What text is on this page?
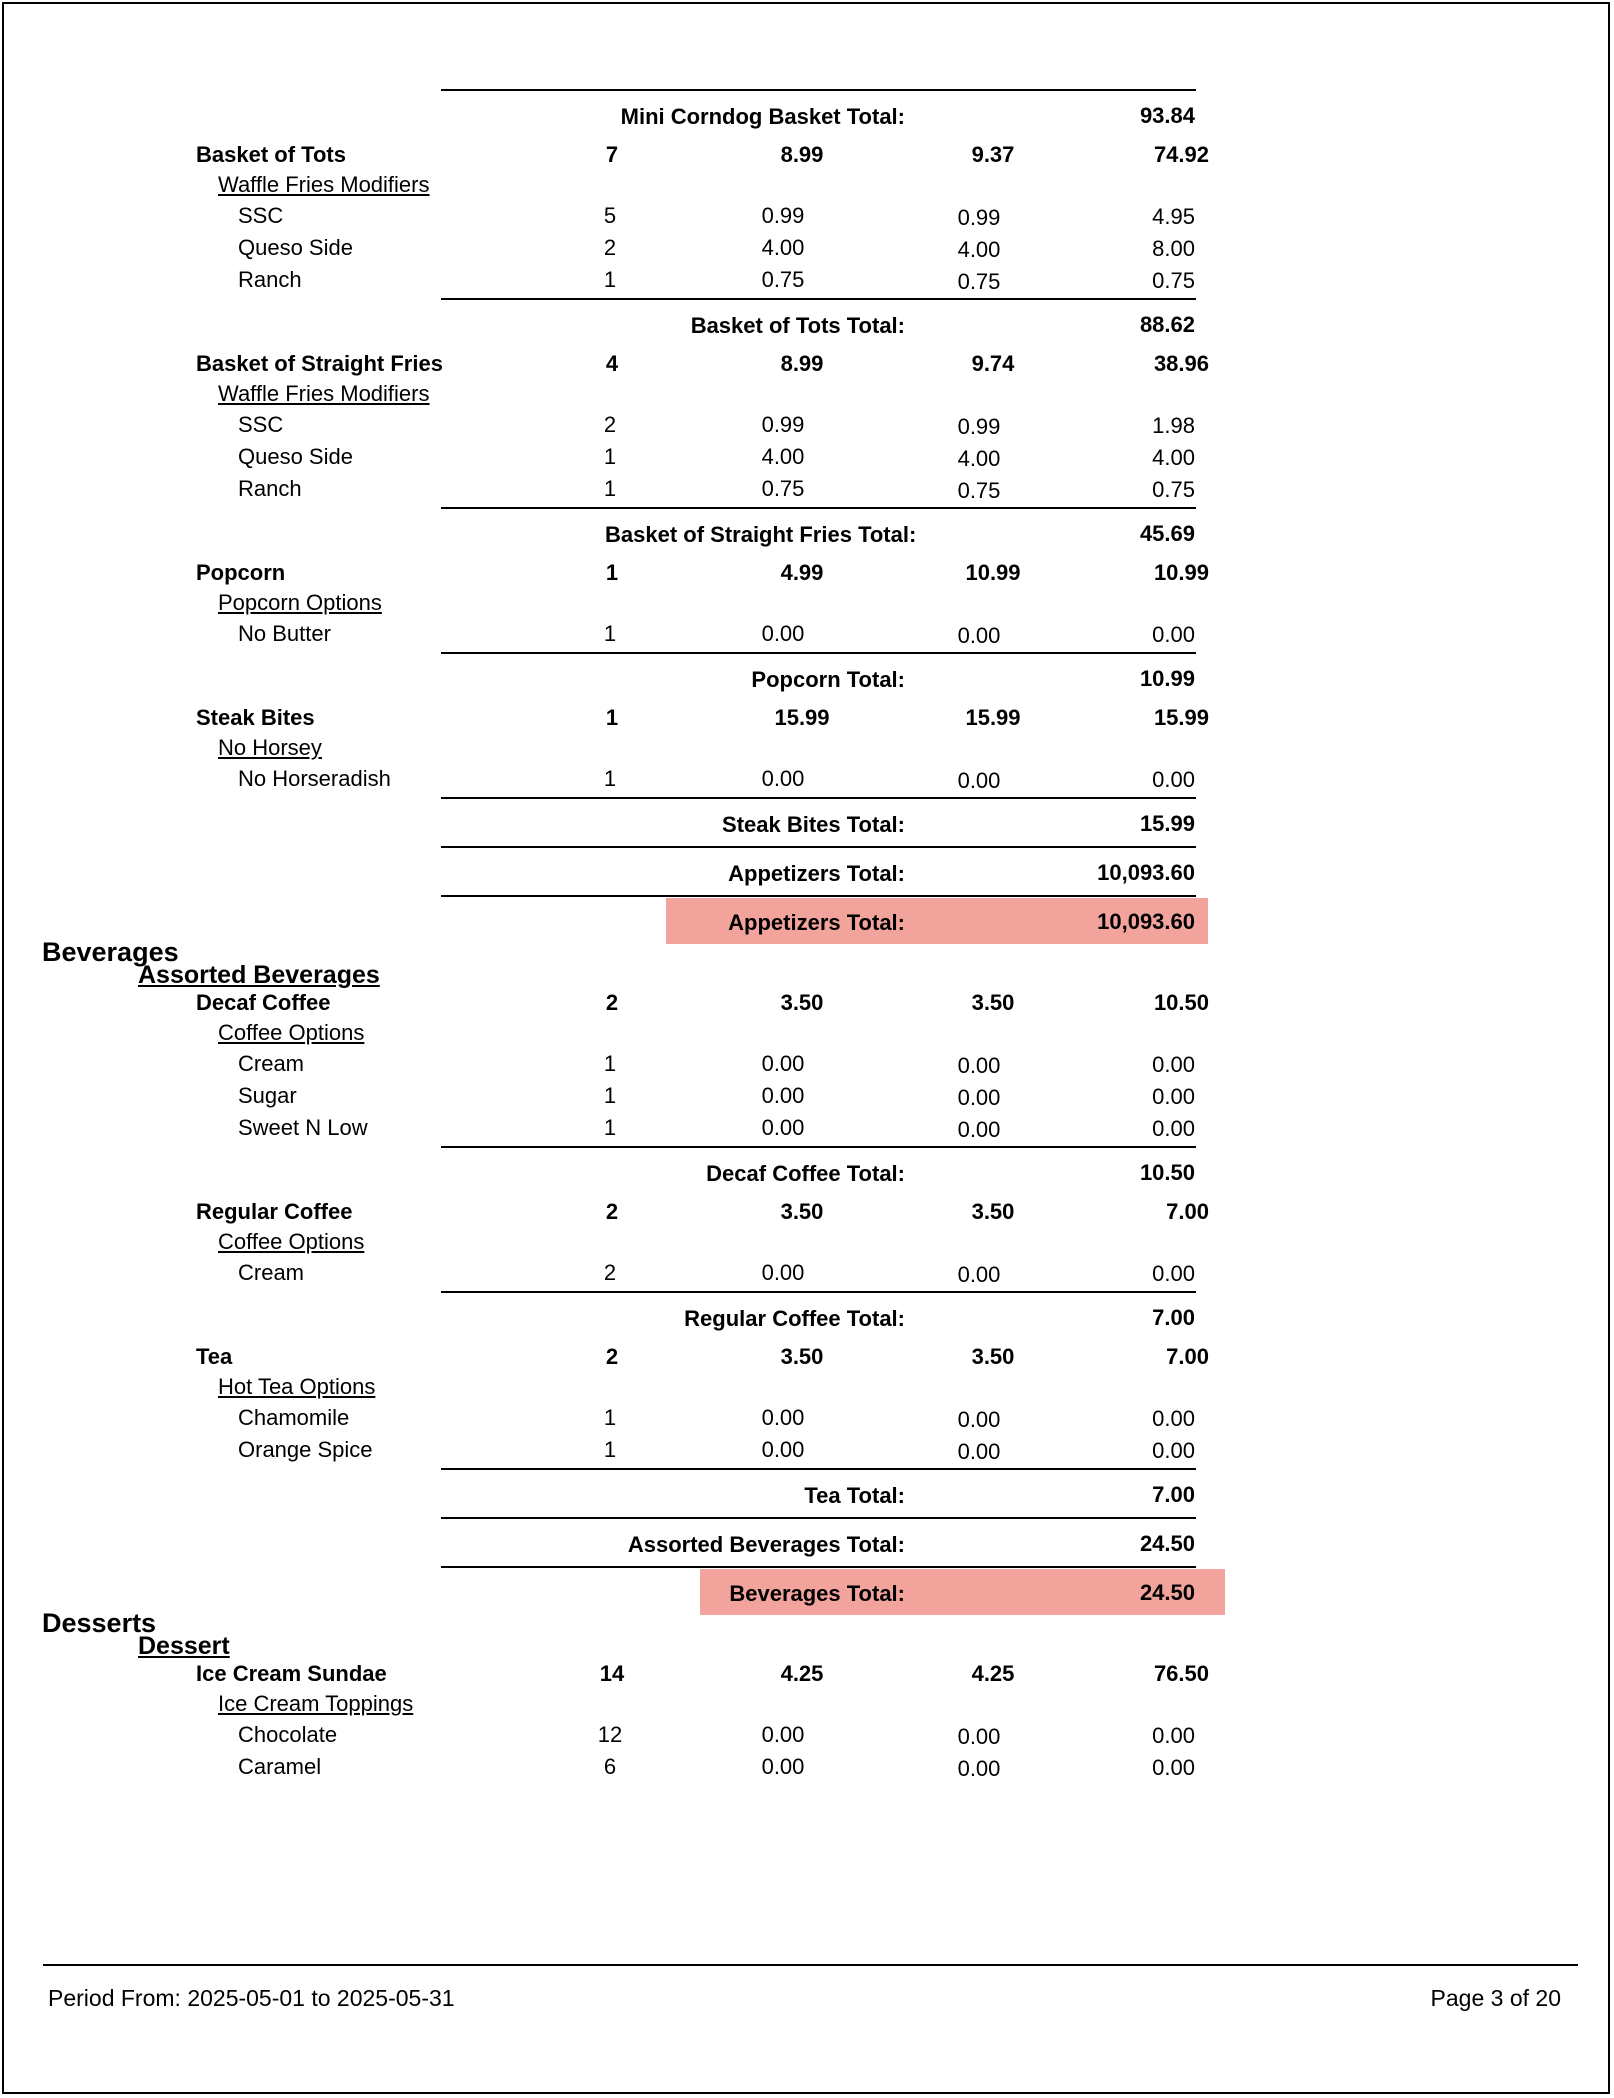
Mini Corndog Basket Total:	93.84
Basket of Tots	7	8.99	9.37	74.92
Waffle Fries Modifiers
SSC	5	0.99	0.99	4.95
Queso Side	2	4.00	4.00	8.00
Ranch	1	0.75	0.75	0.75
Basket of Tots Total:	88.62
Basket of Straight Fries	4	8.99	9.74	38.96
Waffle Fries Modifiers
SSC	2	0.99	0.99	1.98
Queso Side	1	4.00	4.00	4.00
Ranch	1	0.75	0.75	0.75
Basket of Straight Fries Total:	45.69
Popcorn	1	4.99	10.99	10.99
Popcorn Options
No Butter	1	0.00	0.00	0.00
Popcorn Total:	10.99
Steak Bites	1	15.99	15.99	15.99
No Horsey
No Horseradish	1	0.00	0.00	0.00
Steak Bites Total:	15.99
Appetizers Total:	10,093.60
Appetizers Total:	10,093.60
Beverages
Assorted Beverages
Decaf Coffee	2	3.50	3.50	10.50
Coffee Options
Cream	1	0.00	0.00	0.00
Sugar	1	0.00	0.00	0.00
Sweet N Low	1	0.00	0.00	0.00
Decaf Coffee Total:	10.50
Regular Coffee	2	3.50	3.50	7.00
Coffee Options
Cream	2	0.00	0.00	0.00
Regular Coffee Total:	7.00
Tea	2	3.50	3.50	7.00
Hot Tea Options
Chamomile	1	0.00	0.00	0.00
Orange Spice	1	0.00	0.00	0.00
Tea Total:	7.00
Assorted Beverages Total:	24.50
Beverages Total:	24.50
Desserts
Dessert
Ice Cream Sundae	14	4.25	4.25	76.50
Ice Cream Toppings
Chocolate	12	0.00	0.00	0.00
Caramel	6	0.00	0.00	0.00
Period From: 2025-05-01 to 2025-05-31	Page 3 of 20
